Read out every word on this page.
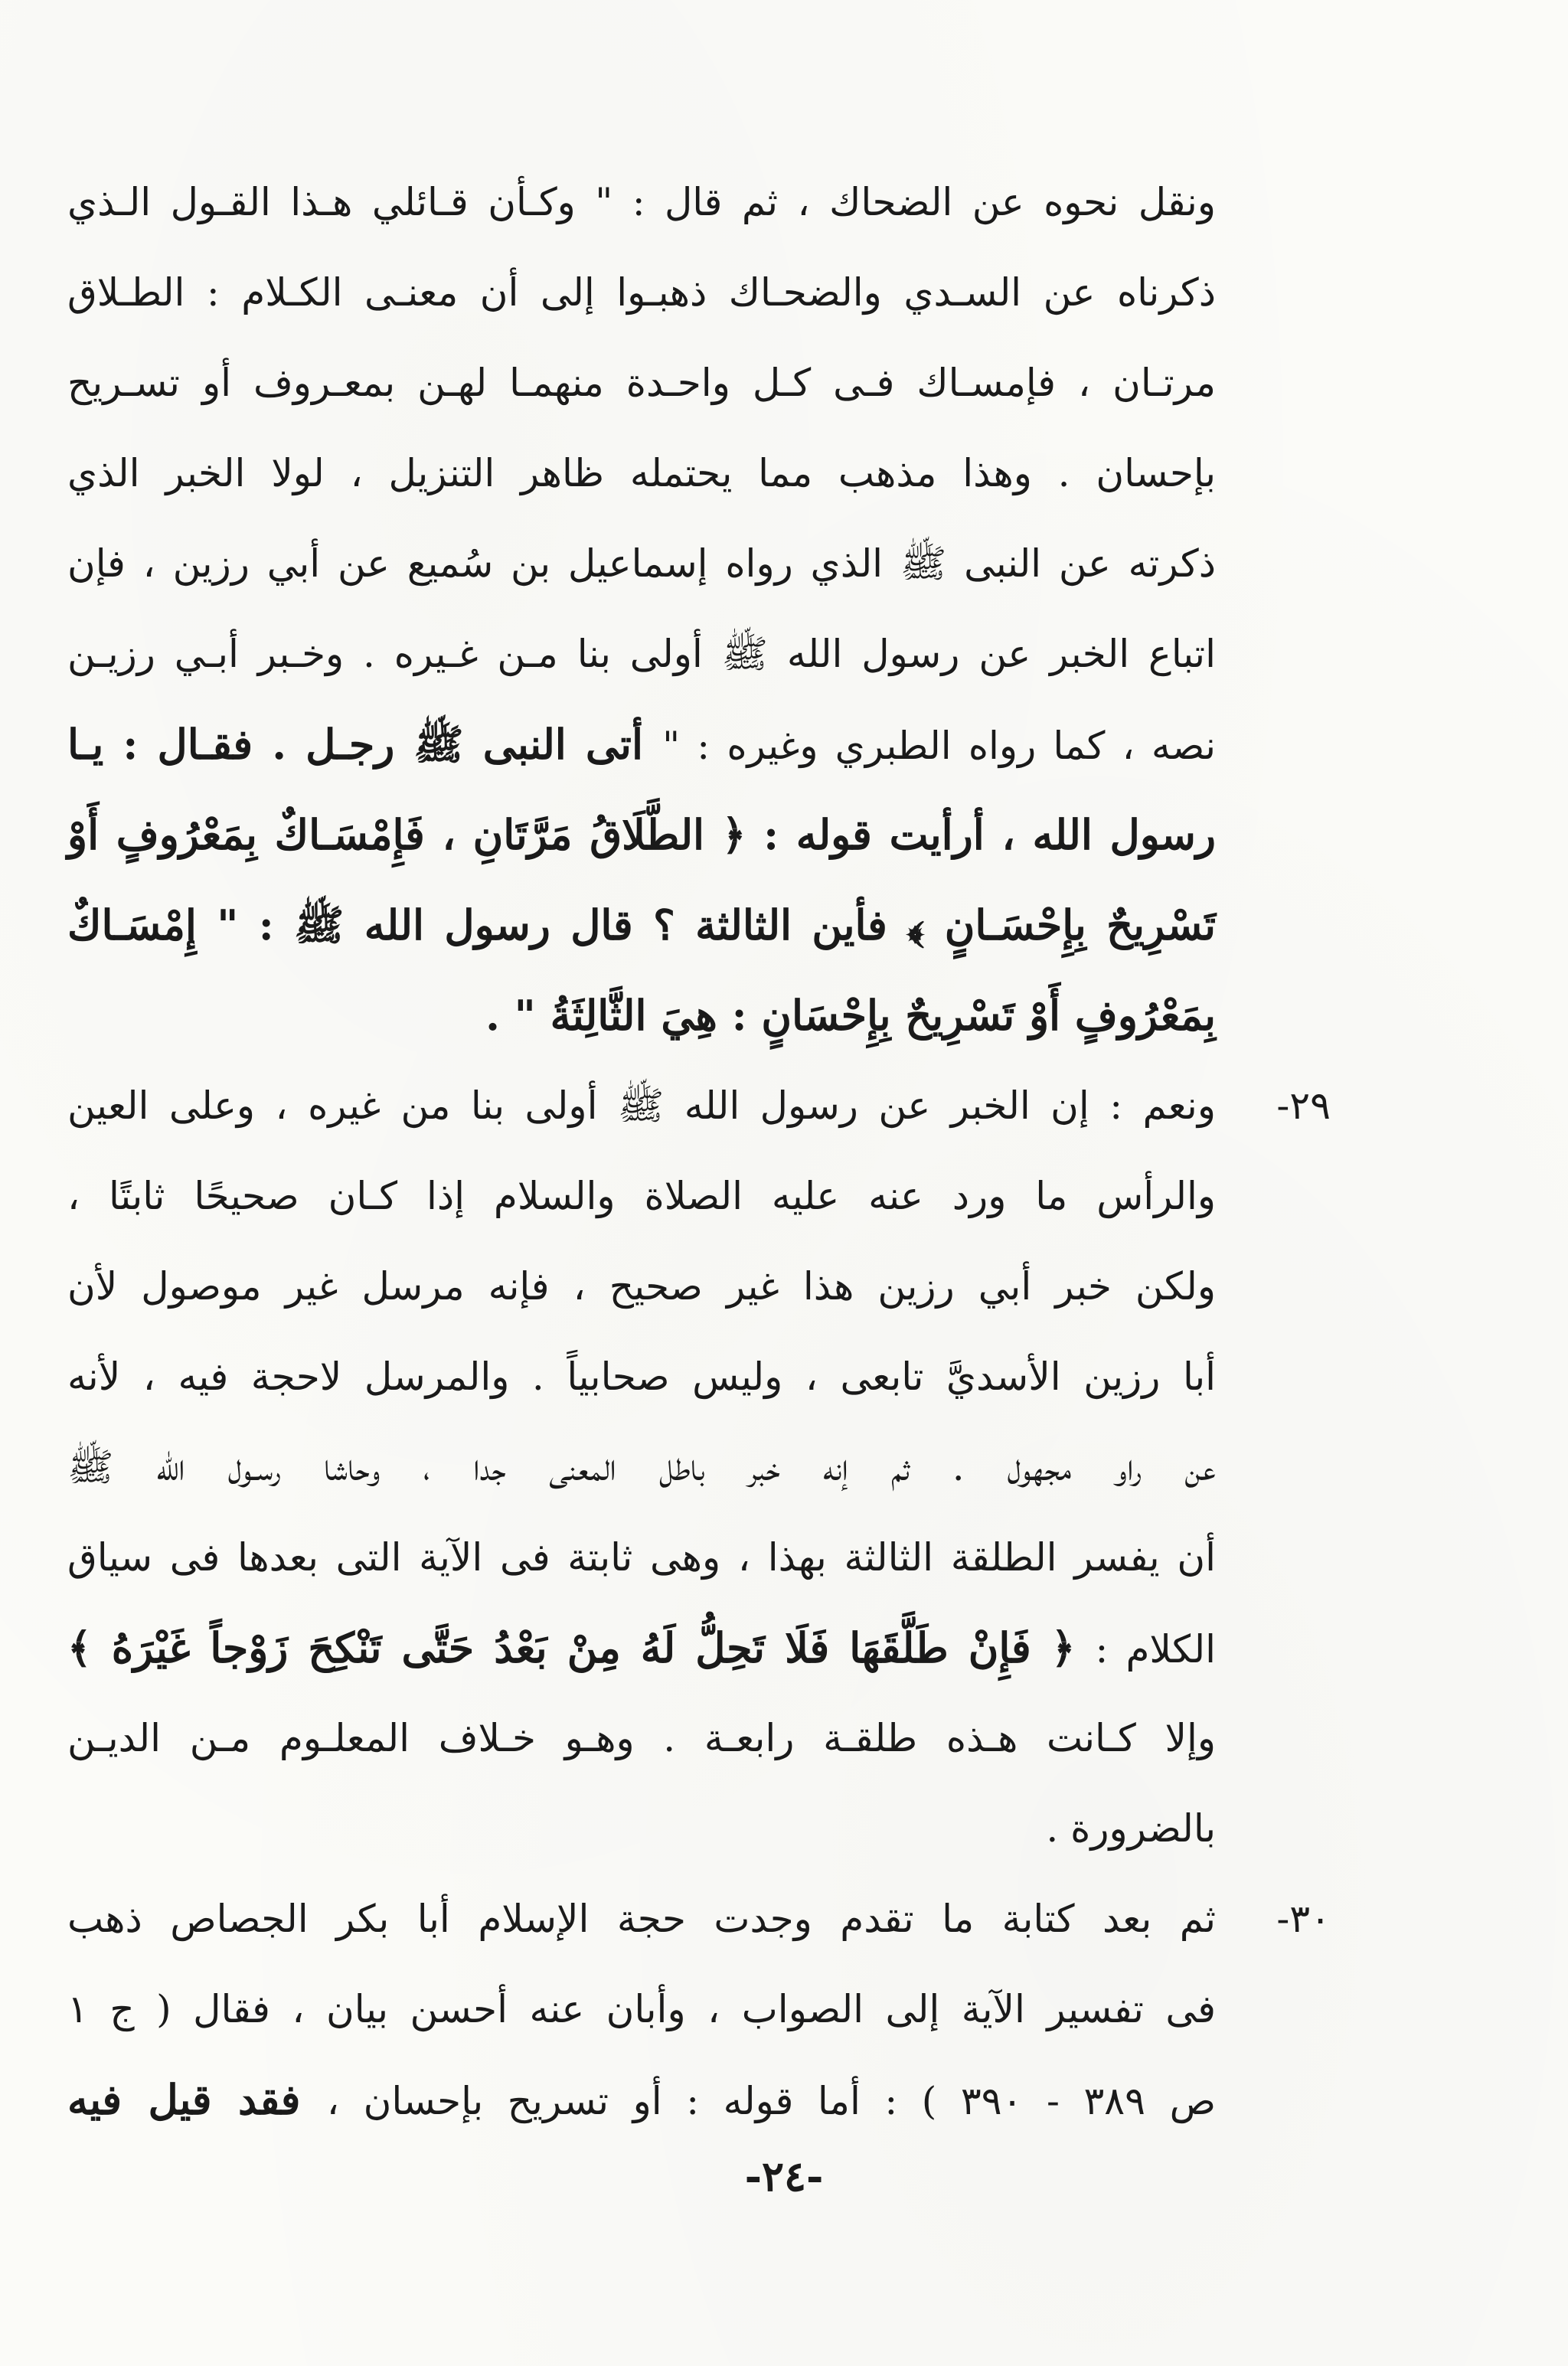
ونقل نحوه عن الضحاك ، ثم قال : " وكـأن قـائلي هـذا القـول الـذي
ذكرناه عن السـدي والضحـاك ذهبـوا إلى أن معنـى الكـلام : الطـلاق
مرتـان ، فإمسـاك فـى كـل واحـدة منهمـا لهـن بمعـروف أو تسـريح
بإحسان . وهذا مذهب مما يحتمله ظاهر التنزيل ، لولا الخبر الذي
ذكرته عن النبى ﷺ الذي رواه إسماعيل بن سُميع عن أبي رزين ، فإن
اتباع الخبر عن رسول الله ﷺ أولى بنا مـن غـيره . وخـبر أبـي رزيـن
نصه ، كما رواه الطبري وغيره : " أتى النبى ﷺ رجـل . فقـال : يـا
رسول الله ، أرأيت قوله : ﴿ الطَّلَاقُ مَرَّتَانِ ، فَإِمْسَـاكٌ بِمَعْرُوفٍ أَوْ
تَسْرِيحٌ بِإِحْسَـانٍ ﴾ فأين الثالثة ؟ قال رسول الله ﷺ : " إِمْسَـاكٌ
بِمَعْرُوفٍ أَوْ تَسْرِيحٌ بِإِحْسَانٍ : هِيَ الثَّالِثَةُ " .
٢٩-
ونعم : إن الخبر عن رسول الله ﷺ أولى بنا من غيره ، وعلى العين
والرأس ما ورد عنه عليه الصلاة والسلام إذا كـان صحيحًا ثابتًا ،
ولكن خبر أبي رزين هذا غير صحيح ، فإنه مرسل غير موصول لأن
أبا رزين الأسديَّ تابعى ، وليس صحابياً . والمرسل لاحجة فيه ، لأنه
عن راو مجهول . ثم إنه خبر باطل المعنى جدا ، وحاشا رسـول الله ﷺ
أن يفسر الطلقة الثالثة بهذا ، وهى ثابتة فى الآية التى بعدها فى سياق
الكلام : ﴿ فَإِنْ طَلَّقَهَا فَلَا تَحِلُّ لَهُ مِنْ بَعْدُ حَتَّى تَنْكِحَ زَوْجاً غَيْرَهُ ﴾
وإلا كـانت هـذه طلقـة رابعـة . وهـو خـلاف المعلـوم مـن الديـن
بالضرورة .
٣٠-
ثم بعد كتابة ما تقدم وجدت حجة الإسلام أبا بكر الجصاص ذهب
فى تفسير الآية إلى الصواب ، وأبان عنه أحسن بيان ، فقال ( ج ١
ص ٣٨٩ - ٣٩٠ ) : أما قوله : أو تسريح بإحسان ، فقد قيل فيه
-٢٤-
